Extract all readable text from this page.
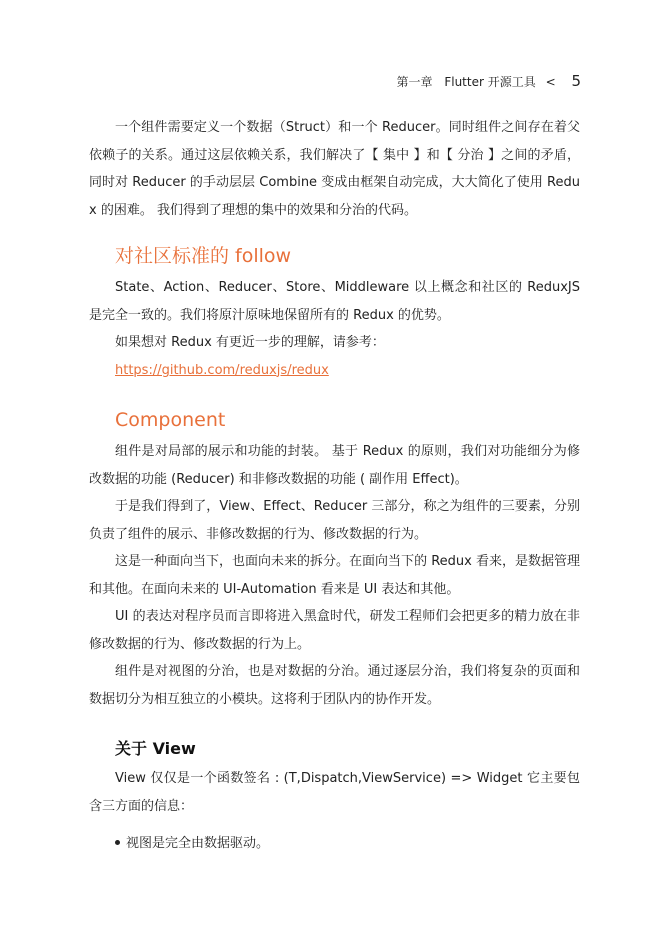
第一章 Flutter 开源工具 < 5

一个组件需要定义一个数据（Struct）和一个 Reducer。同时组件之间存在着父依赖子的关系。通过这层依赖关系，我们解决了【 集中 】和【 分治 】之间的矛盾，同时对 Reducer 的手动层层 Combine 变成由框架自动完成，大大简化了使用 Redux 的困难。 我们得到了理想的集中的效果和分治的代码。

对社区标准的 follow

State、Action、Reducer、Store、Middleware 以上概念和社区的 ReduxJS 是完全一致的。我们将原汁原味地保留所有的 Redux 的优势。

如果想对 Redux 有更近一步的理解，请参考：

https://github.com/reduxjs/redux

Component

组件是对局部的展示和功能的封装。 基于 Redux 的原则，我们对功能细分为修改数据的功能 (Reducer) 和非修改数据的功能 ( 副作用 Effect)。

于是我们得到了，View、Effect、Reducer 三部分，称之为组件的三要素，分别负责了组件的展示、非修改数据的行为、修改数据的行为。

这是一种面向当下，也面向未来的拆分。在面向当下的 Redux 看来，是数据管理和其他。在面向未来的 UI-Automation 看来是 UI 表达和其他。

UI 的表达对程序员而言即将进入黑盒时代，研发工程师们会把更多的精力放在非修改数据的行为、修改数据的行为上。

组件是对视图的分治，也是对数据的分治。通过逐层分治，我们将复杂的页面和数据切分为相互独立的小模块。这将利于团队内的协作开发。

关于 View

View 仅仅是一个函数签名 : (T,Dispatch,ViewService) => Widget 它主要包含三方面的信息：

视图是完全由数据驱动。
